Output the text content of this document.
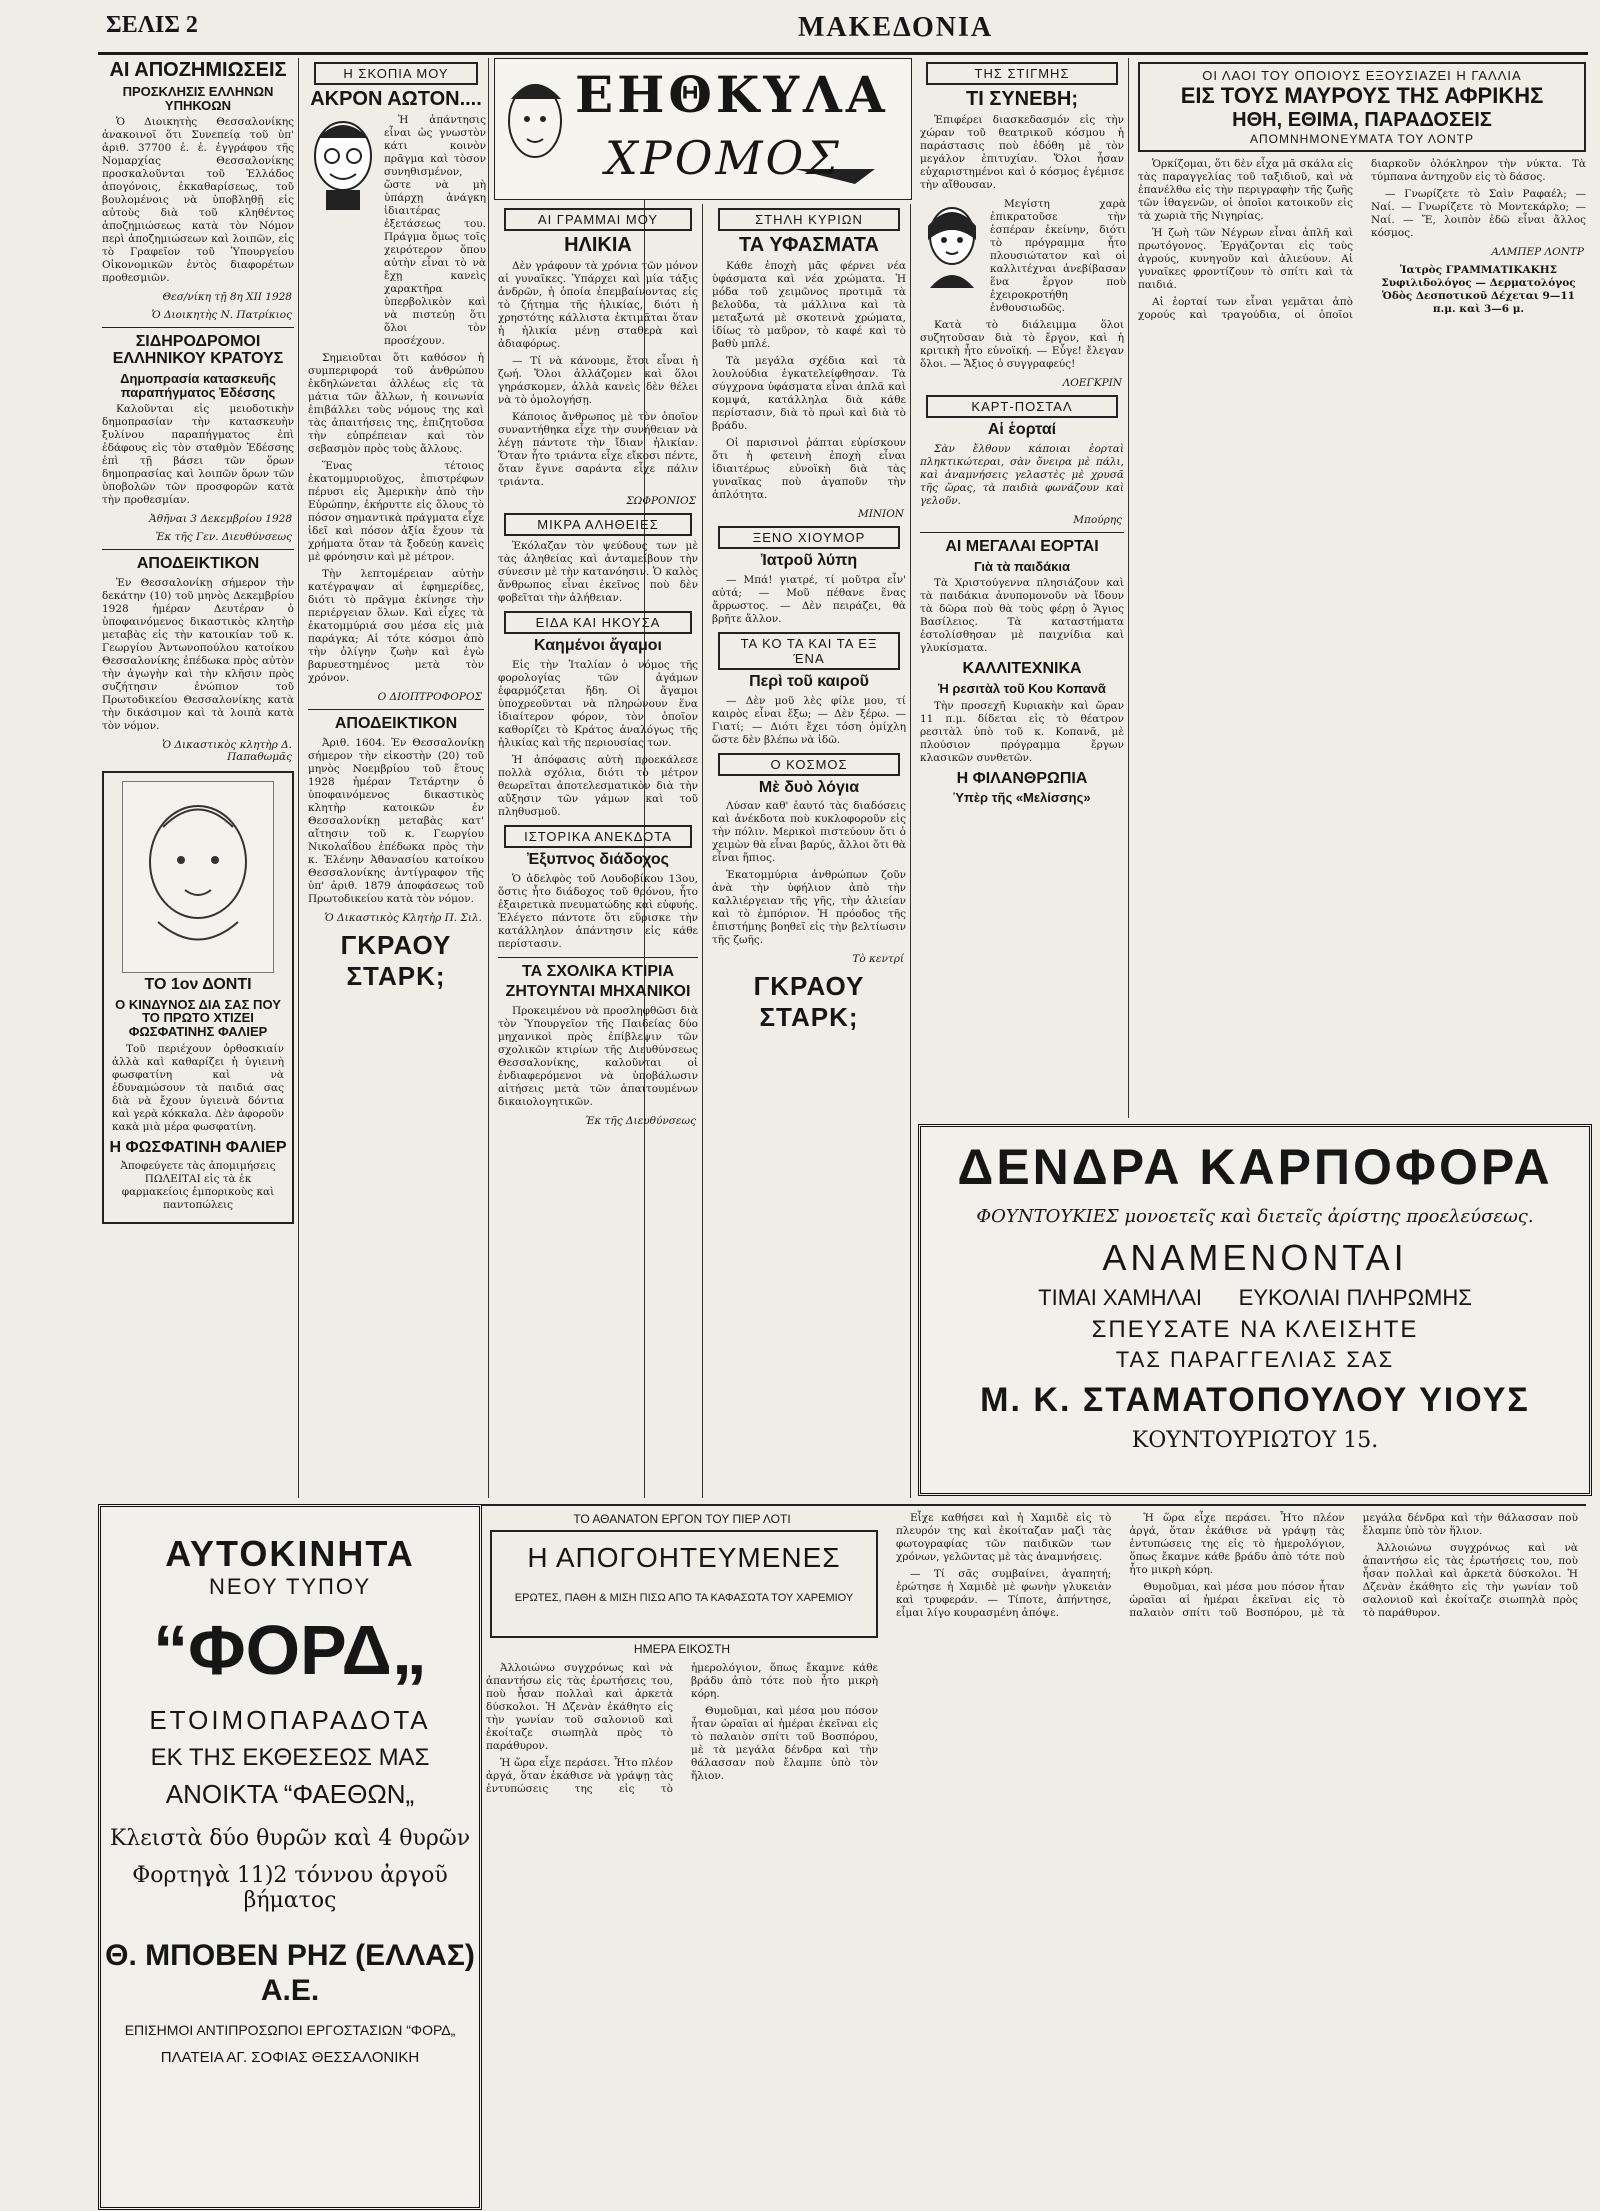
ΣΕΛΙΣ 2	ΜΑΚΕΔΟΝΙΑ
ΑΙ ΑΠΟΖΗΜΙΩΣΕΙΣ
ΠΡΟΣΚΛΗΣΙΣ ΕΛΛΗΝΩΝ ΥΠΗΚΟΩΝ

Ὁ Διοικητὴς Θεσσαλονίκης ἀνακοινοῖ ὅτι Συνεπείᾳ τοῦ ὑπ' ἀριθ. 37700 ἐ. ἐ. ἐγγράφου τῆς Νομαρχίας Θεσσαλονίκης προσκαλοῦνται τοῦ Ἑλλάδος ἀπογόνοις, ἐκκαθαρίσεως, τοῦ βουλομένοις νὰ ὑποβληθῇ εἰς αὐτοὺς διὰ τοῦ κληθέντος ἀποζημιώσεως κατὰ τὸν Νόμον περὶ ἀποζημιώσεων καὶ λοιπῶν, εἰς τὸ Γραφεῖον τοῦ Ὑπουργείου Οἰκονομικῶν ἐντὸς διαφορέτων προθεσμιῶν.

Θεσ/νίκη τῇ 8η XII 1928
Ὁ Διοικητὴς Ν. Πατρίκιος
ΣΙΔΗΡΟΔΡΟΜΟΙ ΕΛΛΗΝΙΚΟΥ ΚΡΑΤΟΥΣ
Δημοπρασία κατασκευῆς παραπήγματος Ἐδέσσης

Καλοῦνται εἰς μειοδοτικὴν δημοπρασίαν τὴν κατασκευὴν ξυλίνου παραπήγματος ἐπὶ ἐδάφους εἰς τὸν σταθμὸν Ἐδέσσης ἐπὶ τῇ βάσει τῶν ὅρων δημοπρασίας καὶ λοιπῶν ὅρων τῶν ὑποβολῶν τῶν προσφορῶν κατὰ τὴν προθεσμίαν.

Ἀθῆναι 3 Δεκεμβρίου 1928
Ἐκ τῆς Γεν. Διευθύνσεως
ΑΠΟΔΕΙΚΤΙΚΟΝ

Ἐν Θεσσαλονίκῃ σήμερον τὴν δεκάτην (10) τοῦ μηνὸς Δεκεμβρίου 1928 ἡμέραν Δευτέραν ὁ ὑποφαινόμενος δικαστικὸς κλητὴρ μεταβὰς εἰς τὴν κατοικίαν τοῦ κ. Γεωργίου Ἀντωνοπούλου κατοίκου Θεσσαλονίκης ἐπέδωκα πρὸς αὐτὸν τὴν ἀγωγὴν καὶ τὴν κλῆσιν πρὸς συζήτησιν ἐνώπιον τοῦ Πρωτοδικείου Θεσσαλονίκης κατὰ τὴν δικάσιμον καὶ τὰ λοιπὰ κατὰ τὸν νόμον.

Ὁ Δικαστικὸς κλητὴρ Δ. Παπαθωμᾶς
ΤΟ 1ον ΔΟΝΤΙ
Ο ΚΙΝΔΥΝΟΣ ΔΙΑ ΣΑΣ ΠΟΥ ΤΟ ΠΡΩΤΟ ΧΤΙΖΕΙ ΦΩΣΦΑΤΙΝΗΣ ΦΑΛΙΕΡ

Τοῦ περιέχουν ὀρθοσκιαίν ἀλλὰ καὶ καθαρίζει ἡ ὑγιεινὴ φωσφατίνη καὶ νὰ ἐδυναμώσουν τὰ παιδιά σας διὰ νὰ ἔχουν ὑγιεινὰ δόντια καὶ γερὰ κόκκαλα. Δὲν ἀφοροῦν κακὰ μιὰ μέρα φωσφατίνη.

Η ΦΩΣΦΑΤΙΝΗ ΦΑΛΙΕΡ
Ἀποφεύγετε τὰς ἀπομιμήσεις ΠΩΛΕΙΤΑΙ εἰς τὰ ἐκ φαρμακείοις ἐμπορικοὺς καὶ παντοπώλεις
Η ΣΚΟΠΙΑ ΜΟΥ
ΑΚΡΟΝ ΑΩΤΟΝ....

Ἡ ἀπάντησις εἶναι ὡς γνωστὸν κάτι κοινὸν πρᾶγμα καὶ τὸσον συνηθισμένον, ὥστε νὰ μὴ ὑπάρχῃ ἀνάγκη ἰδιαιτέρας ἐξετάσεως του. Πράγμα ὅμως τοῖς χειρότερον ὅπου αὐτὴν εἶναι τὸ νὰ ἔχῃ κανεὶς χαρακτῆρα ὑπερβολικὸν καὶ νὰ πιστεύῃ ὅτι ὅλοι τὸν προσέχουν.

Σημειοῦται ὅτι καθόσον ἡ συμπεριφορά τοῦ ἀνθρώπου ἐκδηλώνεται ἀλλέως εἰς τὰ μάτια τῶν ἄλλων, ἡ κοινωνία ἐπιβάλλει τοὺς νόμους της καὶ τὰς ἀπαιτήσεις της, ἐπιζητοῦσα τὴν εὐπρέπειαν καὶ τὸν σεβασμὸν πρὸς τοὺς ἄλλους.

Ἕνας τέτοιος ἐκατομμυριοῦχος, ἐπιστρέφων πέρυσι εἰς Ἀμερικὴν ἀπὸ τὴν Εὐρώπην, ἐκήρυττε εἰς ὅλους τὸ πόσον σημαντικὰ πράγματα εἶχε ἰδεῖ καὶ πόσον ἀξία ἔχουν τὰ χρήματα ὅταν τὰ ξοδεύῃ κανεὶς μὲ φρόνησιν καὶ μὲ μέτρον.

Τὴν λεπτομέρειαν αὐτὴν κατέγραψαν αἱ ἐφημερίδες, διότι τὸ πρᾶγμα ἐκίνησε τὴν περιέργειαν ὅλων. Καὶ εἶχες τὰ ἐκατομμύριά σου μέσα εἰς μιὰ παράγκα; Αἱ τότε κόσμοι ἀπὸ τὴν ὀλίγην ζωὴν καὶ ἐγὼ βαρυεστημένος μετὰ τὸν χρόνον.

Ο ΔΙΟΠΤΡΟΦΟΡΟΣ
ΑΠΟΔΕΙΚΤΙΚΟΝ

Ἀριθ. 1604. Ἐν Θεσσαλονίκῃ σήμερον τὴν εἰκοστὴν (20) τοῦ μηνὸς Νοεμβρίου τοῦ ἔτους 1928 ἡμέραν Τετάρτην ὁ ὑποφαινόμενος δικαστικὸς κλητὴρ κατοικῶν ἐν Θεσσαλονίκῃ μεταβὰς κατ' αἴτησιν τοῦ κ. Γεωργίου Νικολαΐδου ἐπέδωκα πρὸς τὴν κ. Ἑλένην Ἀθανασίου κατοίκου Θεσσαλονίκης ἀντίγραφον τῆς ὑπ' ἀριθ. 1879 ἀποφάσεως τοῦ Πρωτοδικείου κατὰ τὸν νόμον.

Ὁ Δικαστικὸς Κλητὴρ Π. Σιλ.
ΓΚΡΑΟΥ ΣΤΑΡΚ;
ΕΗΘΚΥΛΑ
ΧΡΟΜΟΣ
ΑΙ ΓΡΑΜΜΑΙ ΜΟΥ
ΗΛΙΚΙΑ

Δὲν γράφουν τὰ χρόνια τῶν μόνον αἱ γυναῖκες. Ὑπάρχει καὶ μία τάξις ἀνδρῶν, ἡ ὁποία ἐπεμβαίνοντας εἰς τὸ ζήτημα τῆς ἡλικίας, διότι ἡ χρηστότης κάλλιστα ἐκτιμᾶται ὅταν ἡ ἡλικία μένῃ σταθερὰ καὶ ἀδιαφόρως.

— Τί νὰ κάνουμε, ἔτσι εἶναι ἡ ζωή. Ὅλοι ἀλλάζομεν καὶ ὅλοι γηράσκομεν, ἀλλὰ κανεὶς δὲν θέλει νὰ τὸ ὁμολογήσῃ.

Κάποιος ἄνθρωπος μὲ τὸν ὁποῖον συναντήθηκα εἶχε τὴν συνήθειαν νὰ λέγῃ πάντοτε τὴν ἴδιαν ἡλικίαν. Ὅταν ἦτο τριάντα εἶχε εἴκοσι πέντε, ὅταν ἔγινε σαράντα εἶχε πάλιν τριάντα.

ΣΩΦΡΟΝΙΟΣ
ΜΙΚΡΑ ΑΛΗΘΕΙΕΣ

Ἐκόλαζαν τὸν ψεύδους των μὲ τὰς ἀληθείας καὶ ἀνταμείβουν τὴν σύνεσιν μὲ τὴν κατανόησιν. Ὁ καλὸς ἄνθρωπος εἶναι ἐκεῖνος ποὺ δὲν φοβεῖται τὴν ἀλήθειαν.

ΕΙΔΑ ΚΑΙ ΗΚΟΥΣΑ
Καημένοι ἄγαμοι

Εἰς τὴν Ἰταλίαν ὁ νόμος τῆς φορολογίας τῶν ἀγάμων ἐφαρμόζεται ἤδη. Οἱ ἄγαμοι ὑποχρεοῦνται νὰ πληρώνουν ἕνα ἰδιαίτερον φόρον, τὸν ὁποῖον καθορίζει τὸ Κράτος ἀναλόγως τῆς ἡλικίας καὶ τῆς περιουσίας των.

Ἡ ἀπόφασις αὐτὴ προεκάλεσε πολλὰ σχόλια, διότι τὸ μέτρον θεωρεῖται ἀποτελεσματικὸν διὰ τὴν αὔξησιν τῶν γάμων καὶ τοῦ πληθυσμοῦ.

ΙΣΤΟΡΙΚΑ ΑΝΕΚΔΟΤΑ
Ἐξυπνος διάδοχος

Ὁ ἀδελφὸς τοῦ Λουδοβίκου 13ου, ὅστις ἦτο διάδοχος τοῦ θρόνου, ἦτο ἐξαιρετικὰ πνευματώδης καὶ εὐφυής. Ἐλέγετο πάντοτε ὅτι εὕρισκε τὴν κατάλληλον ἀπάντησιν εἰς κάθε περίστασιν.

ΤΑ ΣΧΟΛΙΚΑ ΚΤΙΡΙΑ
ΖΗΤΟΥΝΤΑΙ ΜΗΧΑΝΙΚΟΙ

Προκειμένου νὰ προσληφθῶσι διὰ τὸν Ὑπουργεῖον τῆς Παιδείας δύο μηχανικοὶ πρὸς ἐπίβλεψιν τῶν σχολικῶν κτιρίων τῆς Διευθύνσεως Θεσσαλονίκης, καλοῦνται οἱ ἐνδιαφερόμενοι νὰ ὑποβάλωσιν αἰτήσεις μετὰ τῶν ἀπαιτουμένων δικαιολογητικῶν.

Ἐκ τῆς Διευθύνσεως
ΣΤΗΛΗ ΚΥΡΙΩΝ
ΤΑ ΥΦΑΣΜΑΤΑ

Κάθε ἐποχὴ μᾶς φέρνει νέα ὑφάσματα καὶ νέα χρώματα. Ἡ μόδα τοῦ χειμῶνος προτιμᾶ τὰ βελοῦδα, τὰ μάλλινα καὶ τὰ μεταξωτά μὲ σκοτεινὰ χρώματα, ἰδίως τὸ μαῦρον, τὸ καφέ καὶ τὸ βαθὺ μπλέ.

Τὰ μεγάλα σχέδια καὶ τὰ λουλούδια ἐγκατελείφθησαν. Τὰ σύγχρονα ὑφάσματα εἶναι ἁπλᾶ καὶ κομψά, κατάλληλα διὰ κάθε περίστασιν, διὰ τὸ πρωὶ καὶ διὰ τὸ βράδυ.

Οἱ παρισινοὶ ῥάπται εὑρίσκουν ὅτι ἡ φετεινὴ ἐποχὴ εἶναι ἰδιαιτέρως εὐνοϊκὴ διὰ τὰς γυναῖκας ποὺ ἀγαποῦν τὴν ἁπλότητα.

ΜΙΝΙΟΝ
ΞΕΝΟ ΧΙΟΥΜΟΡ
Ἰατροῦ λύπη

— Μπά! γιατρέ, τί μοῦτρα εἶν' αὐτά; — Μοῦ πέθανε ἕνας ἄρρωστος. — Δὲν πειράζει, θὰ βρῆτε ἄλλον.

ΤΑ ΚΟ ΤΑ ΚΑΙ ΤΑ ΕΞ ΈΝΑ
Περὶ τοῦ καιροῦ

— Δὲν μοῦ λὲς φίλε μου, τί καιρὸς εἶναι ἔξω; — Δὲν ξέρω. — Γιατί; — Διότι ἔχει τόση ὁμίχλη ὥστε δὲν βλέπω νὰ ἰδῶ.

Ο ΚΟΣΜΟΣ
Μὲ δυὸ λόγια

Λύσαν καθ' ἑαυτό τὰς διαδόσεις καὶ ἀνέκδοτα ποὺ κυκλοφοροῦν εἰς τὴν πόλιν. Μερικοὶ πιστεύουν ὅτι ὁ χειμὼν θὰ εἶναι βαρύς, ἄλλοι ὅτι θὰ εἶναι ἤπιος.

Ἑκατομμύρια ἀνθρώπων ζοῦν ἀνὰ τὴν ὑφήλιον ἀπὸ τὴν καλλιέργειαν τῆς γῆς, τὴν ἁλιείαν καὶ τὸ ἐμπόριον. Ἡ πρόοδος τῆς ἐπιστήμης βοηθεῖ εἰς τὴν βελτίωσιν τῆς ζωῆς.

Τὸ κεντρί
ΓΚΡΑΟΥ ΣΤΑΡΚ;
ΤΗΣ ΣΤΙΓΜΗΣ
ΤΙ ΣΥΝΕΒΗ;

Ἐπιφέρει διασκεδασμόν εἰς τὴν χώραν τοῦ θεατρικοῦ κόσμου ἡ παράστασις ποὺ ἐδόθη μὲ τὸν μεγάλον ἐπιτυχίαν. Ὅλοι ἦσαν εὐχαριστημένοι καὶ ὁ κόσμος ἐγέμισε τὴν αἴθουσαν.

Μεγίστη χαρὰ ἐπικρατοῦσε τὴν ἑσπέραν ἐκείνην, διότι τὸ πρόγραμμα ἦτο πλουσιώτατον καὶ οἱ καλλιτέχναι ἀνεβίβασαν ἕνα ἔργον ποὺ ἐχειροκροτήθη ἐνθουσιωδῶς.

Κατὰ τὸ διάλειμμα ὅλοι συζητοῦσαν διὰ τὸ ἔργον, καὶ ἡ κριτικὴ ἦτο εὐνοϊκή. — Εὖγε! ἔλεγαν ὅλοι. — Ἄξιος ὁ συγγραφεύς!

ΛΟΕΓΚΡΙΝ
ΚΑΡΤ-ΠΟΣΤΑΛ
Αἱ ἑορταί

Σὰν ἔλθουν κάποιαι ἑορταὶ πληκτικώτεραι, σὰν ὄνειρα μὲ πάλι, καὶ ἀναμνήσεις γελαστὲς μὲ χρυσᾶ τῆς ὥρας, τὰ παιδιὰ φωνάζουν καὶ γελοῦν.

Μπούρης
ΑΙ ΜΕΓΑΛΑΙ ΕΟΡΤΑΙ
Γιὰ τὰ παιδάκια

Τὰ Χριστούγεννα πλησιάζουν καὶ τὰ παιδάκια ἀνυπομονοῦν νὰ ἴδουν τὰ δῶρα ποὺ θὰ τοὺς φέρῃ ὁ Ἅγιος Βασίλειος. Τὰ καταστήματα ἐστολίσθησαν μὲ παιχνίδια καὶ γλυκίσματα.

ΚΑΛΛΙΤΕΧΝΙΚΑ
Ἡ ρεσιτὰλ τοῦ Κου Κοπανᾶ

Τὴν προσεχῆ Κυριακὴν καὶ ὥραν 11 π.μ. δίδεται εἰς τὸ θέατρον ρεσιτὰλ ὑπὸ τοῦ κ. Κοπανᾶ, μὲ πλούσιον πρόγραμμα ἔργων κλασικῶν συνθετῶν.

Η ΦΙΛΑΝΘΡΩΠΙΑ
Ὑπὲρ τῆς «Μελίσσης»
ΟΙ ΛΑΟΙ ΤΟΥ ΟΠΟΙΟΥΣ ΕΞΟΥΣΙΑΖΕΙ Η ΓΑΛΛΙΑ
ΕΙΣ ΤΟΥΣ ΜΑΥΡΟΥΣ ΤΗΣ ΑΦΡΙΚΗΣ
ΗΘΗ, ΕΘΙΜΑ, ΠΑΡΑΔΟΣΕΙΣ
ΑΠΟΜΝΗΜΟΝΕΥΜΑΤΑ ΤΟΥ ΛΟΝΤΡ

Ὁρκίζομαι, ὅτι δὲν εἶχα μᾶ σκάλα εἰς τὰς παραγγελίας τοῦ ταξιδιοῦ, καὶ νὰ ἐπανέλθω εἰς τὴν περιγραφὴν τῆς ζωῆς τῶν ἰθαγενῶν, οἱ ὁποῖοι κατοικοῦν εἰς τὰ χωριὰ τῆς Νιγηρίας.

Ἡ ζωὴ τῶν Νέγρων εἶναι ἁπλῆ καὶ πρωτόγονος. Ἐργάζονται εἰς τοὺς ἀγρούς, κυνηγοῦν καὶ ἁλιεύουν. Αἱ γυναῖκες φροντίζουν τὸ σπίτι καὶ τὰ παιδιά.

Αἱ ἑορταί των εἶναι γεμᾶται ἀπὸ χορούς καὶ τραγούδια, οἱ ὁποῖοι διαρκοῦν ὁλόκληρον τὴν νύκτα. Τὰ τύμπανα ἀντηχοῦν εἰς τὸ δάσος.

— Γνωρίζετε τὸ Σαὶν Ραφαέλ; — Ναί. — Γνωρίζετε τὸ Μοντεκάρλο; — Ναί. — Ἔ, λοιπὸν ἐδῶ εἶναι ἄλλος κόσμος.

ΑΛΜΠΕΡ ΛΟΝΤΡ
Ἰατρὸς ΓΡΑΜΜΑΤΙΚΑΚΗΣ Συφιλιδολόγος — Δερματολόγος Ὁδὸς Δεσποτικοῦ Δέχεται 9—11 π.μ. καὶ 3—6 μ.
ΔΕΝΔΡΑ ΚΑΡΠΟΦΟΡΑ
ΦΟΥΝΤΟΥΚΙΕΣ μονοετεῖς καὶ διετεῖς ἀρίστης προελεύσεως.
ΑΝΑΜΕΝΟΝΤΑΙ
ΤΙΜΑΙ ΧΑΜΗΛΑΙ ΕΥΚΟΛΙΑΙ ΠΛΗΡΩΜΗΣ
ΣΠΕΥΣΑΤΕ ΝΑ ΚΛΕΙΣΗΤΕ
ΤΑΣ ΠΑΡΑΓΓΕΛΙΑΣ ΣΑΣ
Μ. Κ. ΣΤΑΜΑΤΟΠΟΥΛΟΥ ΥΙΟΥΣ
ΚΟΥΝΤΟΥΡΙΩΤΟΥ 15.
ΑΥΤΟΚΙΝΗΤΑ
ΝΕΟΥ ΤΥΠΟΥ
“ΦΟΡΔ„
ΕΤΟΙΜΟΠΑΡΑΔΟΤΑ
ΕΚ ΤΗΣ ΕΚΘΕΣΕΩΣ ΜΑΣ
ΑΝΟΙΚΤΑ “ΦΑΕΘΩΝ„
Κλειστὰ δύο θυρῶν καὶ 4 θυρῶν
Φορτηγὰ 11)2 τόννου ἀργοῦ βήματος
Θ. ΜΠΟΒΕΝ ΡΗΖ (ΕΛΛΑΣ) Α.Ε.
ΕΠΙΣΗΜΟΙ ΑΝΤΙΠΡΟΣΩΠΟΙ ΕΡΓΟΣΤΑΣΙΩΝ “ΦΟΡΔ„
ΠΛΑΤΕΙΑ ΑΓ. ΣΟΦΙΑΣ ΘΕΣΣΑΛΟΝΙΚΗ
ΤΟ ΑΘΑΝΑΤΟΝ ΕΡΓΟΝ ΤΟΥ ΠΙΕΡ ΛΟΤΙ
Η ΑΠΟΓΟΗΤΕΥΜΕΝΕΣ
ΕΡΩΤΕΣ, ΠΑΘΗ & ΜΙΣΗ ΠΙΣΩ ΑΠΟ ΤΑ ΚΑΦΑΣΩΤΑ ΤΟΥ ΧΑΡΕΜΙΟΥ
ΗΜΕΡΑ ΕΙΚΟΣΤΗ

Ἀλλοιώνω συγχρόνως καὶ νὰ ἀπαντήσω εἰς τὰς ἐρωτήσεις του, ποὺ ἦσαν πολλαὶ καὶ ἀρκετὰ δύσκολοι. Ἡ Δζενὰν ἐκάθητο εἰς τὴν γωνίαν τοῦ σαλονιοῦ καὶ ἐκοίταζε σιωπηλὰ πρὸς τὸ παράθυρον.

Ἡ ὥρα εἶχε περάσει. Ἦτο πλέον ἀργά, ὅταν ἐκάθισε νὰ γράψῃ τὰς ἐντυπώσεις της εἰς τὸ ἡμερολόγιον, ὅπως ἔκαμνε κάθε βράδυ ἀπὸ τότε ποὺ ἦτο μικρὴ κόρη.

Θυμοῦμαι, καὶ μέσα μου πόσον ἦταν ὡραῖαι αἱ ἡμέραι ἐκεῖναι εἰς τὸ παλαιὸν σπίτι τοῦ Βοσπόρου, μὲ τὰ μεγάλα δένδρα καὶ τὴν θάλασσαν ποὺ ἔλαμπε ὑπὸ τὸν ἥλιον.

Εἶχε καθήσει καὶ ἡ Χαμιδὲ εἰς τὸ πλευρόν της καὶ ἐκοίταζαν μαζὶ τὰς φωτογραφίας τῶν παιδικῶν των χρόνων, γελῶντας μὲ τὰς ἀναμνήσεις.

— Τί σᾶς συμβαίνει, ἀγαπητή; ἐρώτησε ἡ Χαμιδὲ μὲ φωνὴν γλυκειὰν καὶ τρυφεράν. — Τίποτε, ἀπήντησε, εἶμαι λίγο κουρασμένη ἀπόψε.

Ἡ ὥρα εἶχε περάσει. Ἦτο πλέον ἀργά, ὅταν ἐκάθισε νὰ γράψῃ τὰς ἐντυπώσεις της εἰς τὸ ἡμερολόγιον, ὅπως ἔκαμνε κάθε βράδυ ἀπὸ τότε ποὺ ἦτο μικρὴ κόρη.

Θυμοῦμαι, καὶ μέσα μου πόσον ἦταν ὡραῖαι αἱ ἡμέραι ἐκεῖναι εἰς τὸ παλαιὸν σπίτι τοῦ Βοσπόρου, μὲ τὰ μεγάλα δένδρα καὶ τὴν θάλασσαν ποὺ ἔλαμπε ὑπὸ τὸν ἥλιον.

Ἀλλοιώνω συγχρόνως καὶ νὰ ἀπαντήσω εἰς τὰς ἐρωτήσεις του, ποὺ ἦσαν πολλαὶ καὶ ἀρκετὰ δύσκολοι. Ἡ Δζενὰν ἐκάθητο εἰς τὴν γωνίαν τοῦ σαλονιοῦ καὶ ἐκοίταζε σιωπηλὰ πρὸς τὸ παράθυρον.
